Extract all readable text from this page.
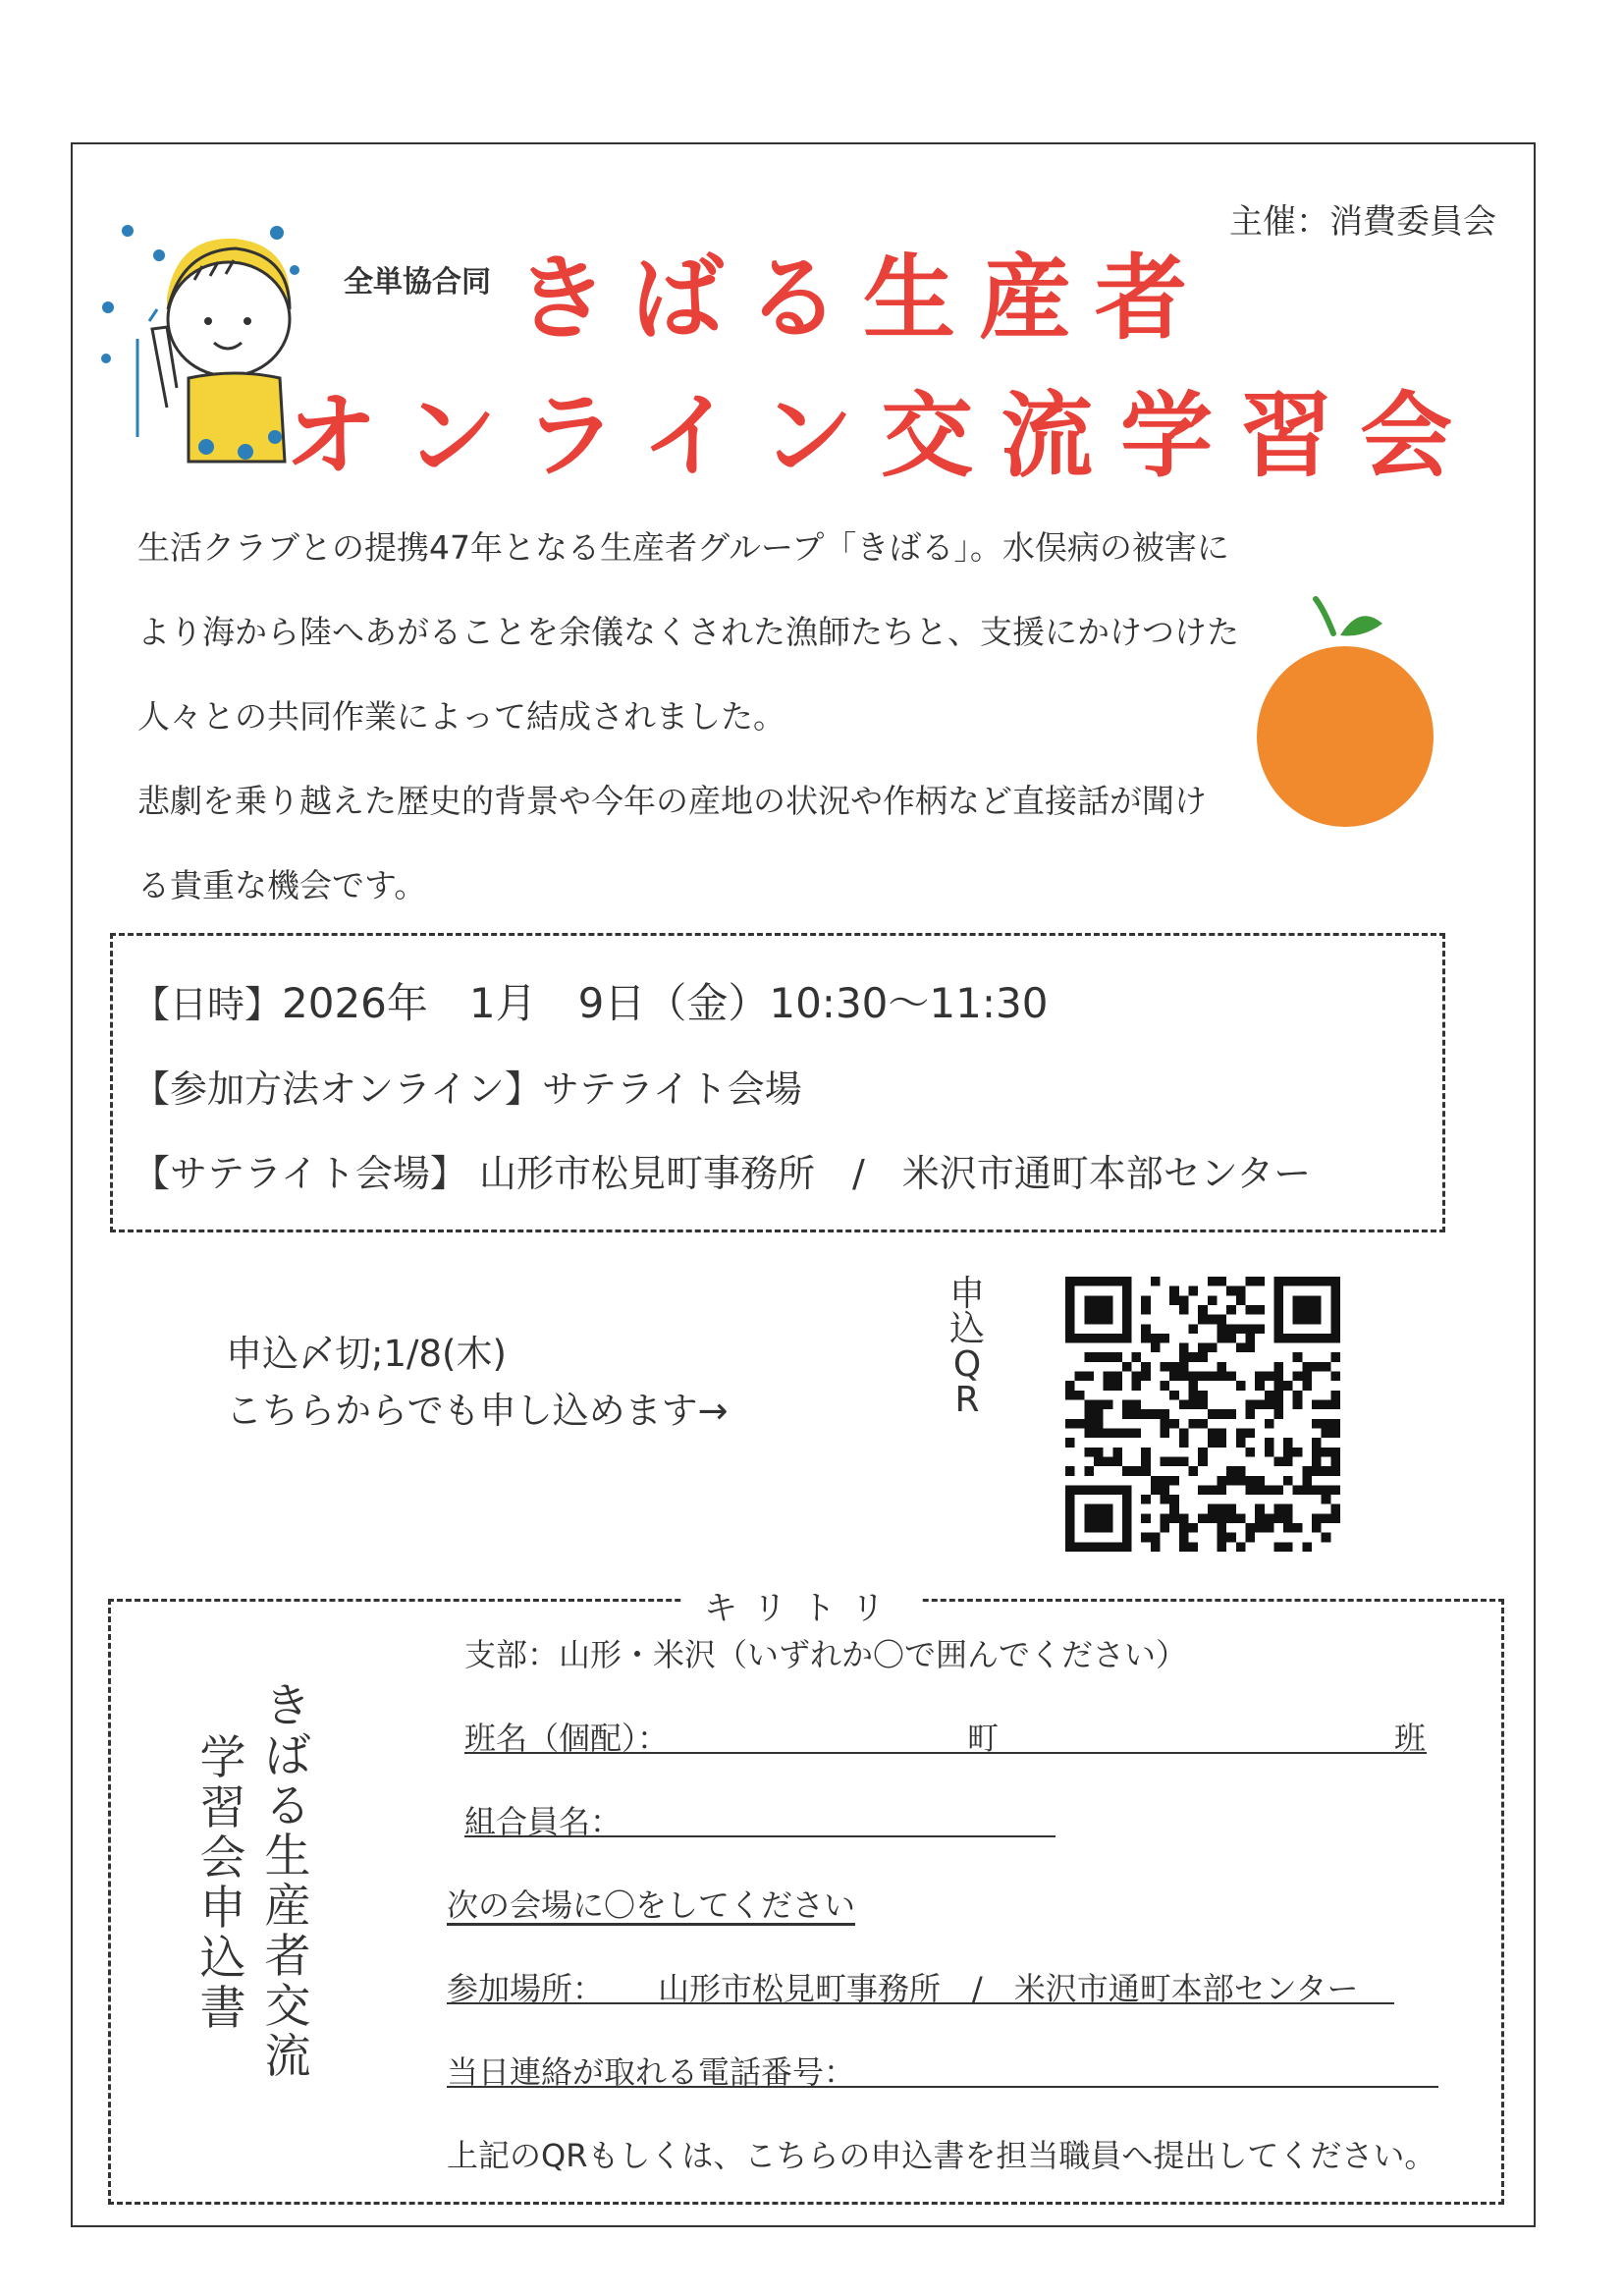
主催：消費委員会
全単協合同 きばる生産者
オンライン交流学習会

生活クラブとの提携47年となる生産者グループ「きばる」。水俣病の被害に

より海から陸へあがることを余儀なくされた漁師たちと、支援にかけつけた

人々との共同作業によって結成されました。

悲劇を乗り越えた歴史的背景や今年の産地の状況や作柄など直接話が聞け

る貴重な機会です。

【日時】2026年　1月　9日（金）10:30～11:30
【参加方法オンライン】サテライト会場
【サテライト会場】 山形市松見町事務所　/　米沢市通町本部センター
申込〆切;1/8(木)
こちらからでも申し込めます→
申
込
Q
R
キリトリ
き
ば
る
生
産
者
交
流
学
習
会
申
込
書
支部：山形・米沢（いずれか〇で囲んでください）
班名（個配）：	町	班
組合員名：
次の会場に〇をしてください
参加場所： 山形市松見町事務所　/　米沢市通町本部センター
当日連絡が取れる電話番号：
上記のQRもしくは、こちらの申込書を担当職員へ提出してください。
